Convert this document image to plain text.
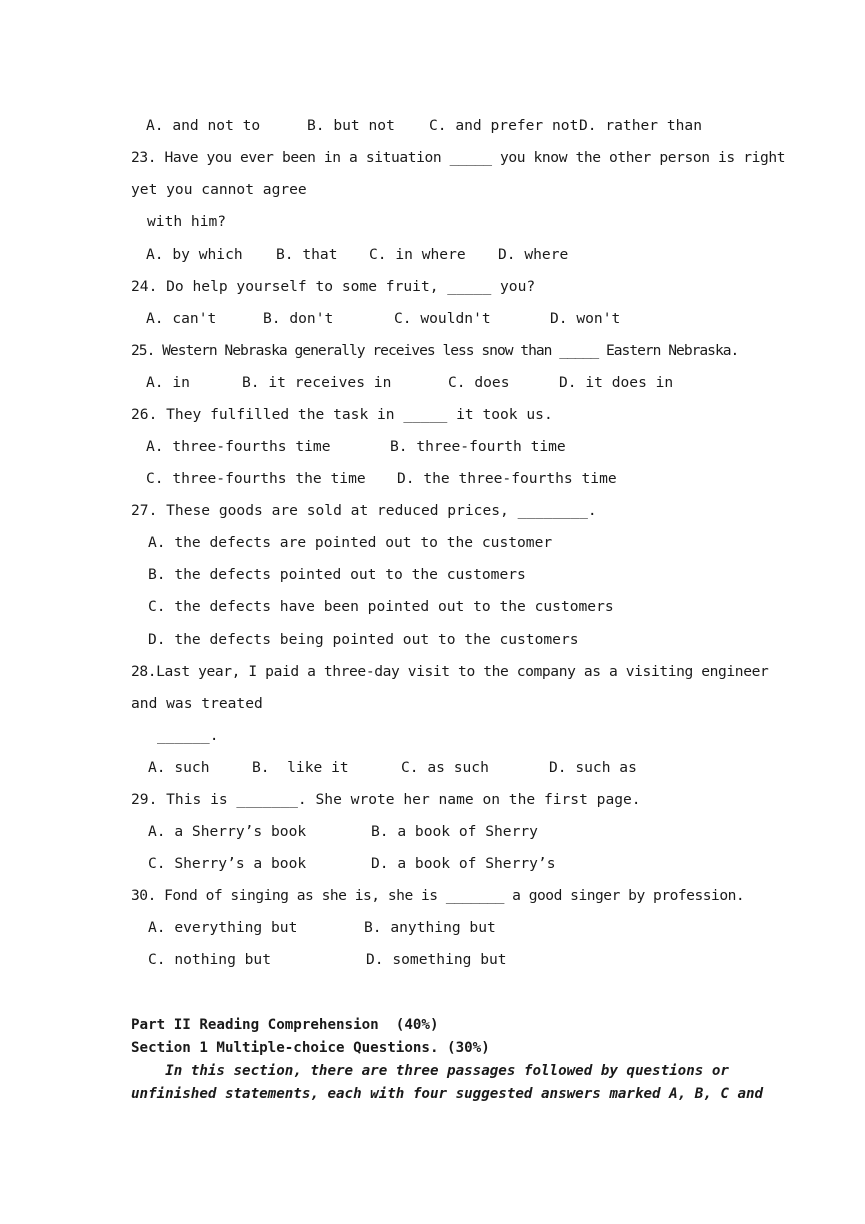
A. and not to	B. but not C. and prefer not D. rather than
23. Have you ever been in a situation _____ you know the other person is right
yet you cannot agree
with him?
A. by which B. that C. in where D. where
24. Do help yourself to some fruit, _____ you?
A. can't	B. don't	C. wouldn't	D. won't
25. Western Nebraska generally receives less snow than _____ Eastern Nebraska.
A. in	B. it receives in	C. does	D. it does in
26. They fulfilled the task in _____ it took us.
A. three-fourths time	B. three-fourth time
C. three-fourths the time D. the three-fourths time
27. These goods are sold at reduced prices, ________.
A. the defects are pointed out to the customer
B. the defects pointed out to the customers
C. the defects have been pointed out to the customers
D. the defects being pointed out to the customers
28.Last year, I paid a three-day visit to the company as a visiting engineer
and was treated
______.
A. such	B.  like it	C. as such	D. such as
29. This is _______. She wrote her name on the first page.
A. a Sherry’s book	B. a book of Sherry
C. Sherry’s a book	D. a book of Sherry’s
30. Fond of singing as she is, she is _______ a good singer by profession.
A. everything but	B. anything but
C. nothing but	D. something but
Part II Reading Comprehension  (40%)
Section 1 Multiple-choice Questions. (30%)
In this section, there are three passages followed by questions or
unfinished statements, each with four suggested answers marked A, B, C and
